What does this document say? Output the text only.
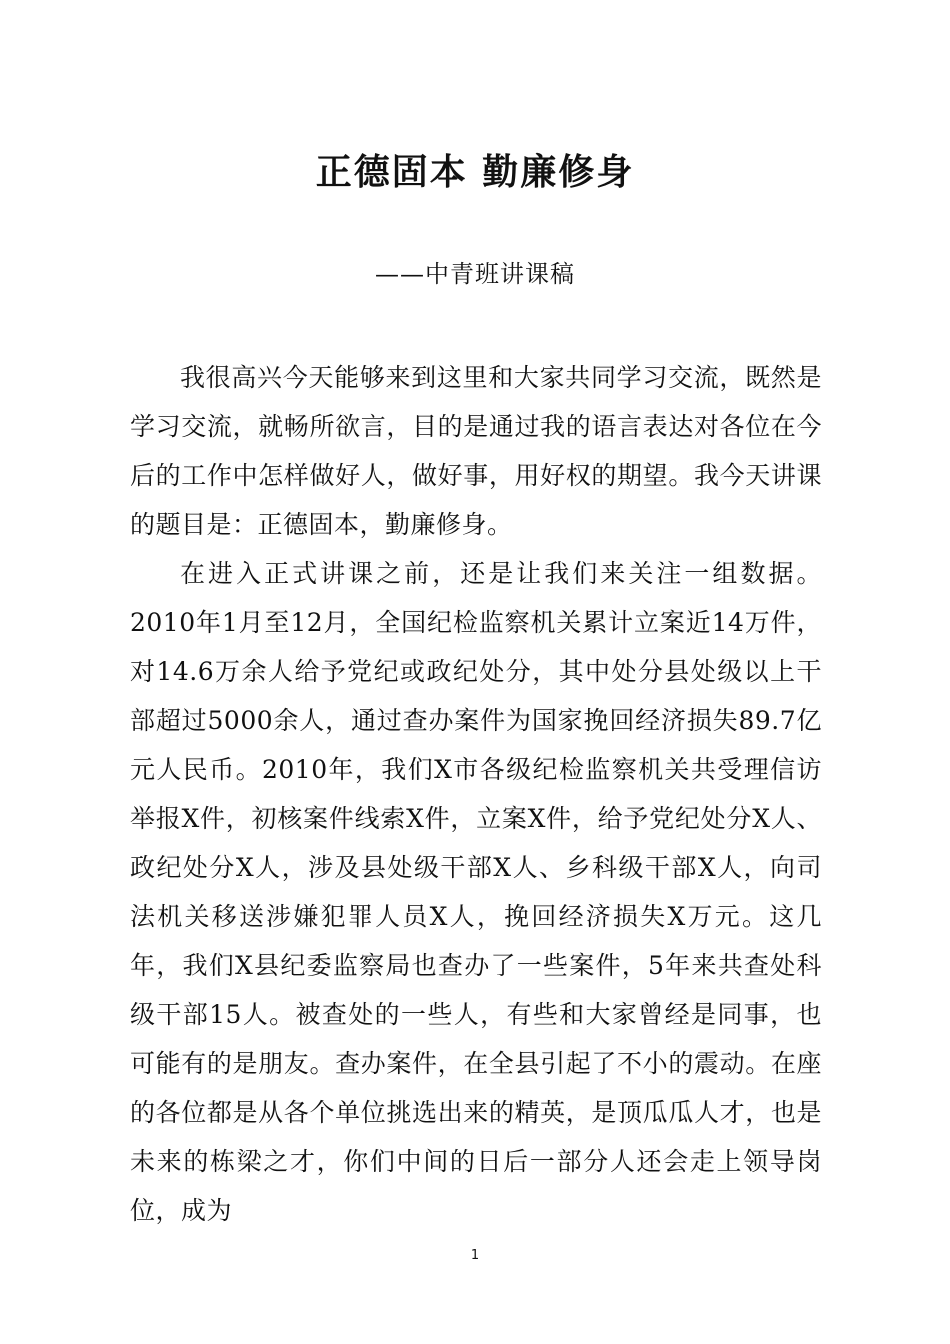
正德固本 勤廉修身
——中青班讲课稿

我很高兴今天能够来到这里和大家共同学习交流，既然是学习交流，就畅所欲言，目的是通过我的语言表达对各位在今后的工作中怎样做好人，做好事，用好权的期望。我今天讲课的题目是：正德固本，勤廉修身。

在进入正式讲课之前，还是让我们来关注一组数据。2010年1月至12月，全国纪检监察机关累计立案近14万件，对14.6万余人给予党纪或政纪处分，其中处分县处级以上干部超过5000余人，通过查办案件为国家挽回经济损失89.7亿元人民币。2010年，我们X市各级纪检监察机关共受理信访举报X件，初核案件线索X件，立案X件，给予党纪处分X人、政纪处分X人，涉及县处级干部X人、乡科级干部X人，向司法机关移送涉嫌犯罪人员X人，挽回经济损失X万元。这几年，我们X县纪委监察局也查办了一些案件，5年来共查处科级干部15人。被查处的一些人，有些和大家曾经是同事，也可能有的是朋友。查办案件，在全县引起了不小的震动。在座的各位都是从各个单位挑选出来的精英，是顶瓜瓜人才，也是未来的栋梁之才，你们中间的日后一部分人还会走上领导岗位，成为

1
